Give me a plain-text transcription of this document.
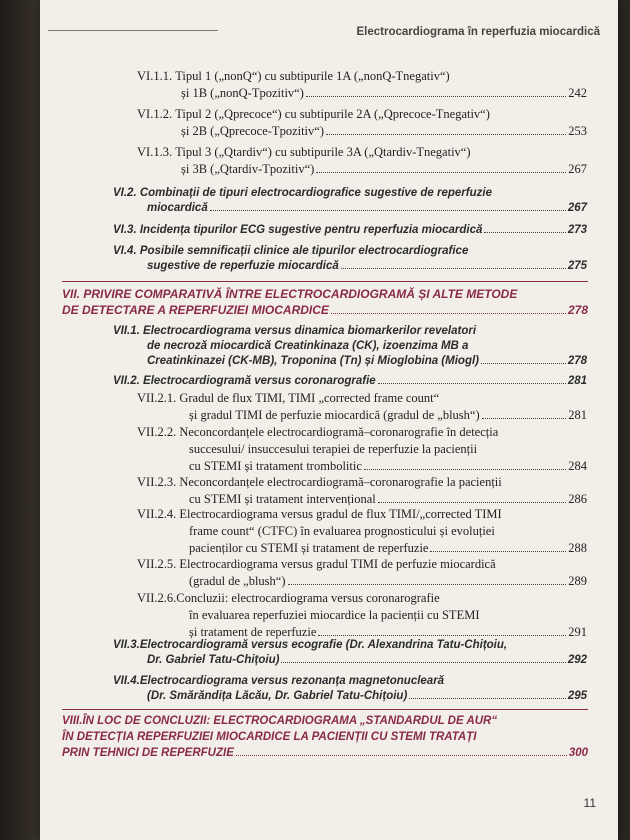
Electrocardiograma în reperfuzia miocardică
VI.1.1.
Tipul 1 („nonQ“) cu subtipurile 1A („nonQ-Tnegativ“)
și 1B („nonQ-Tpozitiv“)	242
VI.1.2.
Tipul 2 („Qprecoce“) cu subtipurile 2A („Qprecoce-Tnegativ“)
și 2B („Qprecoce-Tpozitiv“)	253
VI.1.3.
Tipul 3 („Qtardiv“) cu subtipurile 3A („Qtardiv-Tnegativ“)
și 3B („Qtardiv-Tpozitiv“)	267
VI.2. Combinații de tipuri electrocardiografice sugestive de reperfuzie
miocardică	267
VI.3. Incidența tipurilor ECG sugestive pentru reperfuzia miocardică	273
VI.4. Posibile semnificații clinice ale tipurilor electrocardiografice
sugestive de reperfuzie miocardică	275
VII. PRIVIRE COMPARATIVĂ ÎNTRE ELECTROCARDIOGRAMĂ ȘI ALTE METODE
DE DETECTARE A REPERFUZIEI MIOCARDICE	278
VII.1. Electrocardiograma versus dinamica biomarkerilor revelatori
de necroză miocardică Creatinkinaza (CK), izoenzima MB a
Creatinkinazei (CK-MB), Troponina (Tn) și Mioglobina (Miogl)	278
VII.2. Electrocardiogramă versus coronarografie	281
VII.2.1.
Gradul de flux TIMI, TIMI „corrected frame count“
și gradul TIMI de perfuzie miocardică (gradul de „blush“)	281
VII.2.2.
Neconcordanțele electrocardiogramă–coronarografie în detecția
succesului/ insuccesului terapiei de reperfuzie la pacienții
cu STEMI și tratament trombolitic	284
VII.2.3.
Neconcordanțele electrocardiogramă–coronarografie la pacienții
cu STEMI și tratament intervențional	286
VII.2.4.
Electrocardiograma versus gradul de flux TIMI/„corrected TIMI
frame count“ (CTFC) în evaluarea prognosticului și evoluției
pacienților cu STEMI și tratament de reperfuzie	288
VII.2.5.
Electrocardiograma versus gradul TIMI de perfuzie miocardică
(gradul de „blush“)	289
VII.2.6. Concluzii: electrocardiograma versus coronarografie
în evaluarea reperfuziei miocardice la pacienții cu STEMI
și tratament de reperfuzie	291
VII.3.Electrocardiogramă versus ecografie (Dr. Alexandrina Tatu-Chițoiu,
Dr. Gabriel Tatu-Chițoiu)	292
VII.4.Electrocardiograma versus rezonanța magnetonucleară
(Dr. Smărăndița Lăcău, Dr. Gabriel Tatu-Chițoiu)	295
VIII.ÎN LOC DE CONCLUZII: ELECTROCARDIOGRAMA „STANDARDUL DE AUR“
ÎN DETECȚIA REPERFUZIEI MIOCARDICE LA PACIENȚII CU STEMI TRATAȚI
PRIN TEHNICI DE REPERFUZIE	300
11
